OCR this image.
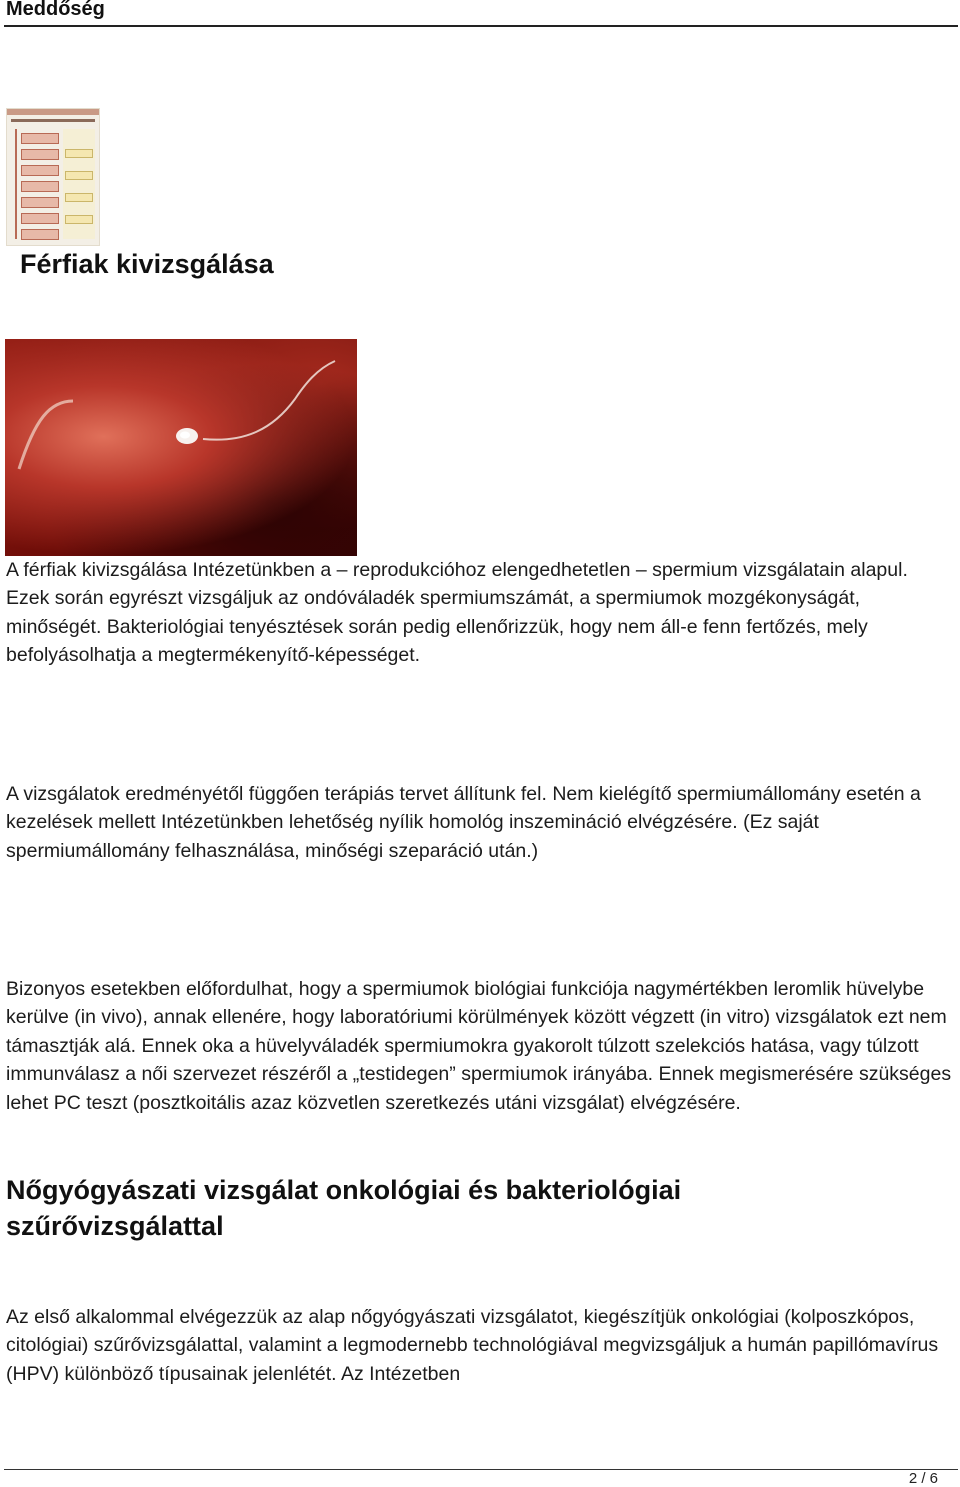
Meddőség
Férfiak kivizsgálása

A férfiak kivizsgálása Intézetünkben a – reprodukcióhoz elengedhetetlen – spermium vizsgálatain alapul. Ezek során egyrészt vizsgáljuk az ondóváladék spermiumszámát, a spermiumok mozgékonyságát, minőségét. Bakteriológiai tenyésztések során pedig ellenőrizzük, hogy nem áll-e fenn fertőzés, mely befolyásolhatja a megtermékenyítő-képességet.

A vizsgálatok eredményétől függően terápiás tervet állítunk fel. Nem kielégítő spermiumállomány esetén a kezelések mellett Intézetünkben lehetőség nyílik homológ inszemináció elvégzésére. (Ez saját spermiumállomány felhasználása, minőségi szeparáció után.)

Bizonyos esetekben előfordulhat, hogy a spermiumok biológiai funkciója nagymértékben leromlik hüvelybe kerülve (in vivo), annak ellenére, hogy laboratóriumi körülmények között végzett (in vitro) vizsgálatok ezt nem támasztják alá. Ennek oka a hüvelyváladék spermiumokra gyakorolt túlzott szelekciós hatása, vagy túlzott immunválasz a női szervezet részéről a „testidegen” spermiumok irányába. Ennek megismerésére szükséges lehet PC teszt (posztkoitális azaz közvetlen szeretkezés utáni vizsgálat) elvégzésére.

Nőgyógyászati vizsgálat onkológiai és bakteriológiai szűrővizsgálattal

Az első alkalommal elvégezzük az alap nőgyógyászati vizsgálatot, kiegészítjük onkológiai (kolposzkópos, citológiai) szűrővizsgálattal, valamint a legmodernebb technológiával megvizsgáljuk a humán papillómavírus (HPV) különböző típusainak jelenlétét. Az Intézetben

2 / 6
